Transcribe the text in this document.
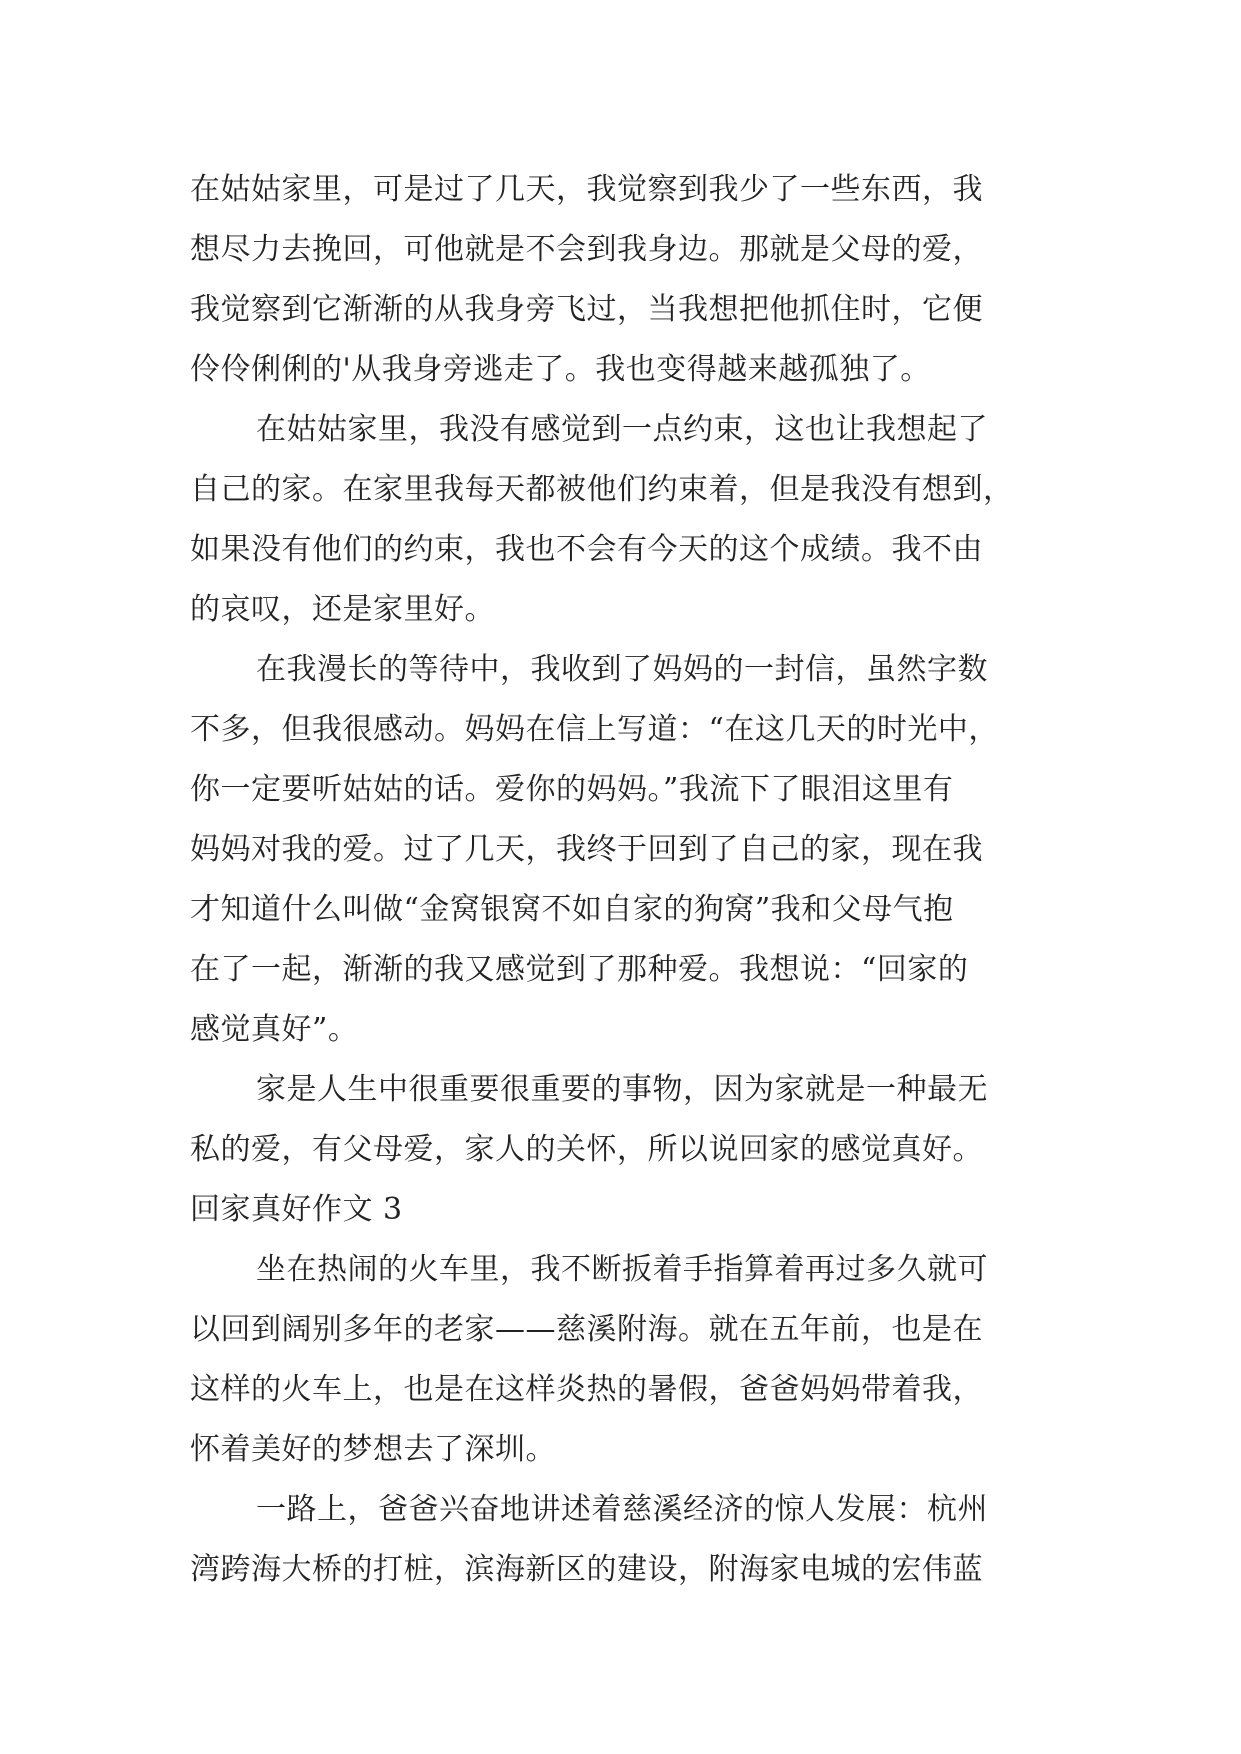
在姑姑家里，可是过了几天，我觉察到我少了一些东西，我
想尽力去挽回，可他就是不会到我身边。那就是父母的爱，
我觉察到它渐渐的从我身旁飞过，当我想把他抓住时，它便
伶伶俐俐的'从我身旁逃走了。我也变得越来越孤独了。
在姑姑家里，我没有感觉到一点约束，这也让我想起了
自己的家。在家里我每天都被他们约束着，但是我没有想到，
如果没有他们的约束，我也不会有今天的这个成绩。我不由
的哀叹，还是家里好。
在我漫长的等待中，我收到了妈妈的一封信，虽然字数
不多，但我很感动。妈妈在信上写道：“在这几天的时光中，
你一定要听姑姑的话。爱你的妈妈。”我流下了眼泪这里有
妈妈对我的爱。过了几天，我终于回到了自己的家，现在我
才知道什么叫做“金窝银窝不如自家的狗窝”我和父母气抱
在了一起，渐渐的我又感觉到了那种爱。我想说：“回家的
感觉真好”。
家是人生中很重要很重要的事物，因为家就是一种最无
私的爱，有父母爱，家人的关怀，所以说回家的感觉真好。
回家真好作文 3
坐在热闹的火车里，我不断扳着手指算着再过多久就可
以回到阔别多年的老家——慈溪附海。就在五年前，也是在
这样的火车上，也是在这样炎热的暑假，爸爸妈妈带着我，
怀着美好的梦想去了深圳。
一路上，爸爸兴奋地讲述着慈溪经济的惊人发展：杭州
湾跨海大桥的打桩，滨海新区的建设，附海家电城的宏伟蓝
